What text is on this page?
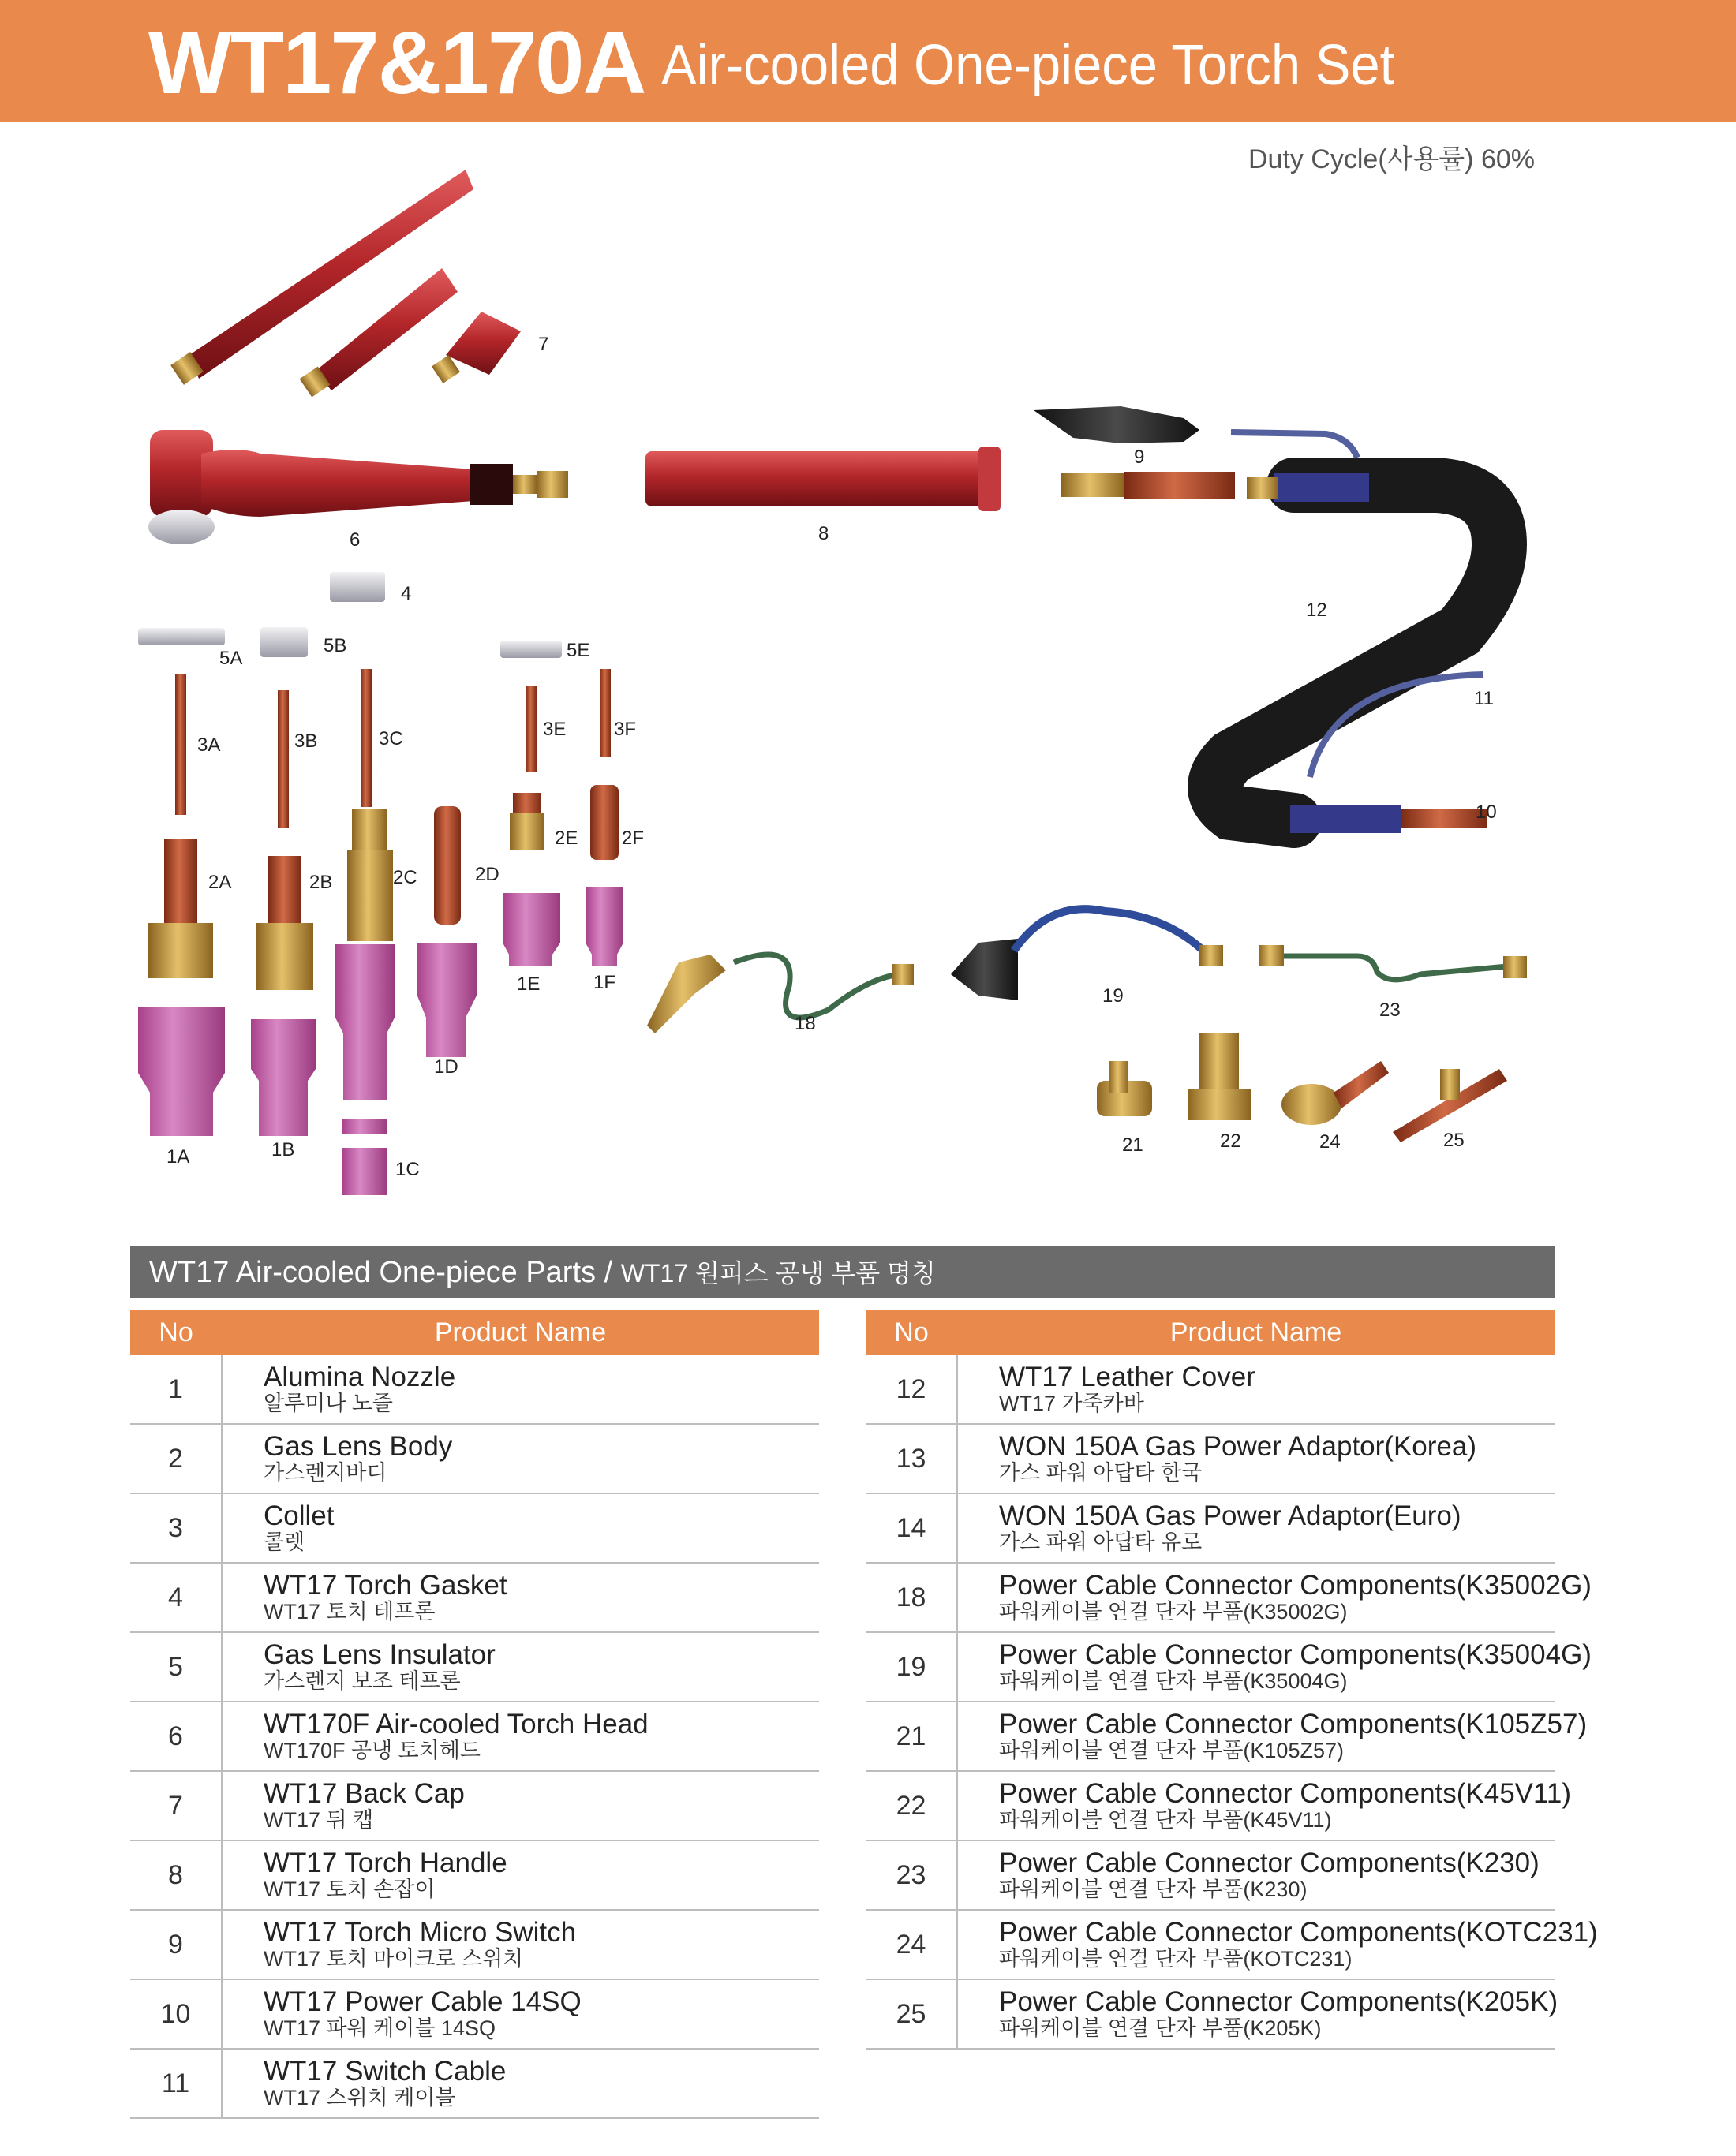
WT17&170A Air-cooled One-piece Torch Set
Duty Cycle(사용률) 60%
7
6	8
9
4
5A
5B	5E
12
11
3A	3B	3C	3E	3F
2E 2F
10
2A	2B	2C	2D
1E	1F
18
19
23
1D
1A	1B
1C
21	22	24	25
WT17 Air-cooled One-piece Parts / WT17 원피스 공냉 부품 명칭
No	Product Name
1	Alumina Nozzle
알루미나 노즐

2	Gas Lens Body
가스렌지바디

3	Collet
콜렛

4	WT17 Torch Gasket
WT17 토치 테프론

5	Gas Lens Insulator
가스렌지 보조 테프론

6	WT170F Air-cooled Torch Head
WT170F 공냉 토치헤드

7	WT17 Back Cap
WT17 뒤 캡

8	WT17 Torch Handle
WT17 토치 손잡이

9	WT17 Torch Micro Switch
WT17 토치 마이크로 스위치

10	WT17 Power Cable 14SQ
WT17 파워 케이블 14SQ

11	WT17 Switch Cable
WT17 스위치 케이블
No	Product Name
12	WT17 Leather Cover
WT17 가죽카바

13	WON 150A Gas Power Adaptor(Korea)
가스 파워 아답타 한국

14	WON 150A Gas Power Adaptor(Euro)
가스 파워 아답타 유로

18	Power Cable Connector Components(K35002G)
파워케이블 연결 단자 부품(K35002G)

19	Power Cable Connector Components(K35004G)
파워케이블 연결 단자 부품(K35004G)

21	Power Cable Connector Components(K105Z57)
파워케이블 연결 단자 부품(K105Z57)

22	Power Cable Connector Components(K45V11)
파워케이블 연결 단자 부품(K45V11)

23	Power Cable Connector Components(K230)
파워케이블 연결 단자 부품(K230)

24	Power Cable Connector Components(KOTC231)
파워케이블 연결 단자 부품(KOTC231)

25	Power Cable Connector Components(K205K)
파워케이블 연결 단자 부품(K205K)
